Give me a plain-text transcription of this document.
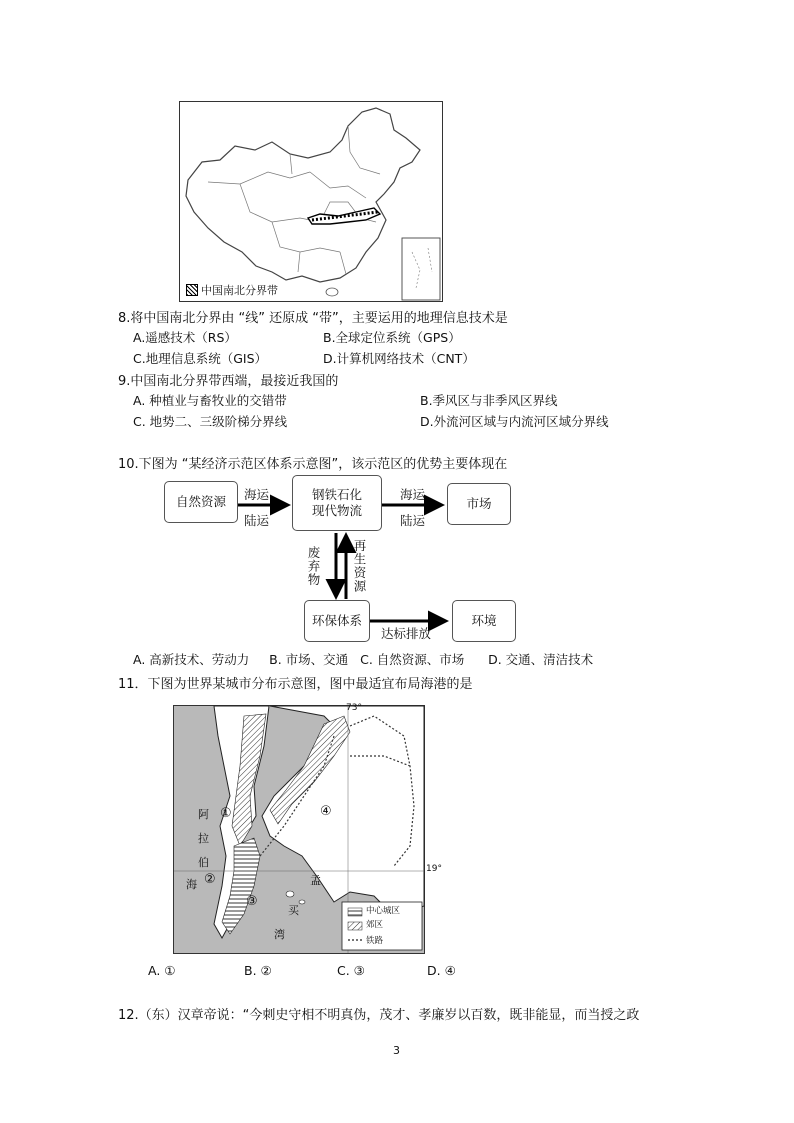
中国南北分界带
8.将中国南北分界由 “线” 还原成 “带”，主要运用的地理信息技术是
A.遥感技术（RS）	B.全球定位系统（GPS）
C.地理信息系统（GIS）	D.计算机网络技术（CNT）
9.中国南北分界带西端，最接近我国的
A. 种植业与畜牧业的交错带	B.季风区与非季风区界线
C. 地势二、三级阶梯分界线	D.外流河区域与内流河区域分界线
10.下图为 “某经济示范区体系示意图”，该示范区的优势主要体现在
自然资源	钢铁石化
现代物流	市场
环保体系	环境
海运
陆运
海运
陆运
废弃物 再生资源
达标排放
A. 高新技术、劳动力     B. 市场、交通   C. 自然资源、市场      D. 交通、清洁技术
11．下图为世界某城市分布示意图，图中最适宜布局海港的是
73°
19°
阿
拉
伯
海	孟
买
湾
①
②
③
④
中心城区
郊区
铁路
A. ①	B. ②	C. ③	D. ④
12.（东）汉章帝说：“今刺史守相不明真伪，茂才、孝廉岁以百数，既非能显，而当授之政
3
